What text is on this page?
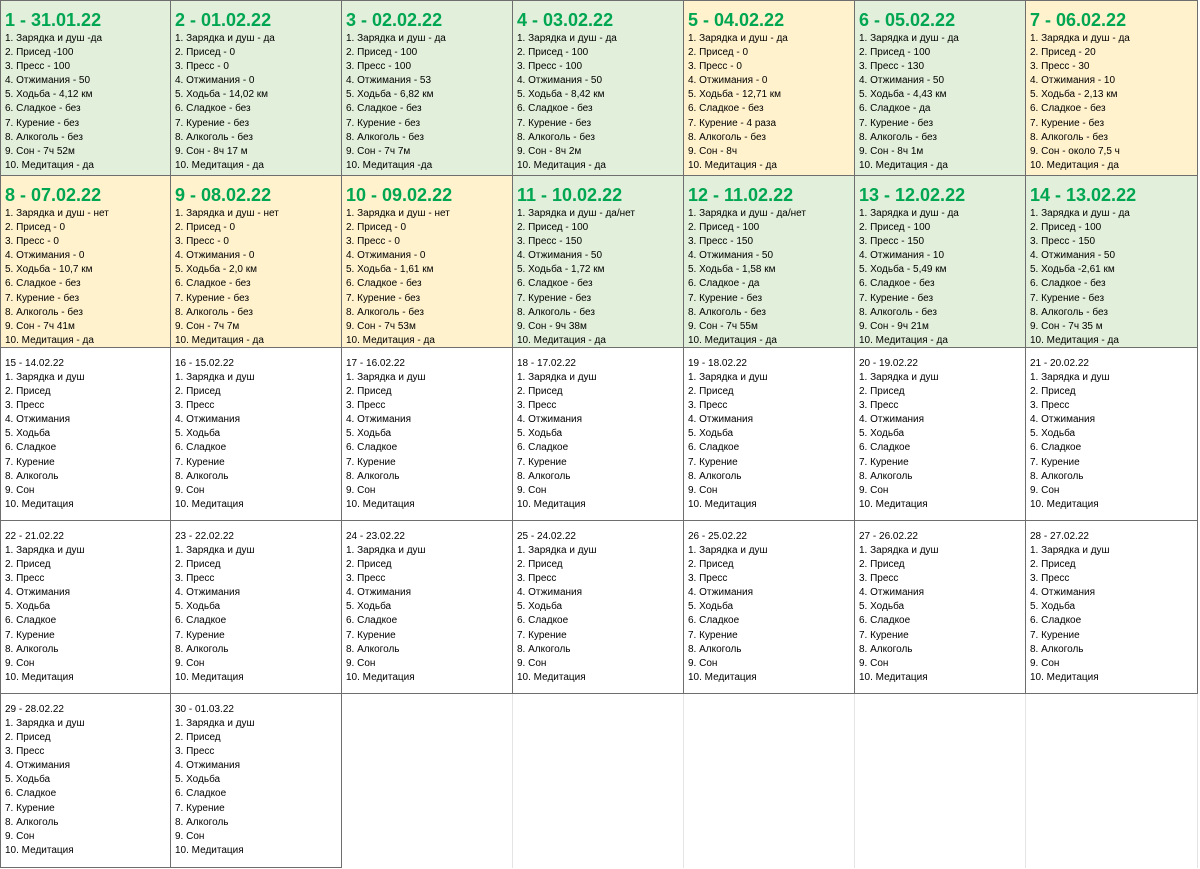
1 - 31.01.22
1. Зарядка и душ -да
2. Присед -100
3. Пресс - 100
4. Отжимания - 50
5. Ходьба - 4,12 км
6. Сладкое - без
7. Курение - без
8. Алкоголь - без
9. Сон - 7ч 52м
10. Медитация - да
2 - 01.02.22
1. Зарядка и душ - да
2. Присед - 0
3. Пресс - 0
4. Отжимания - 0
5. Ходьба - 14,02 км
6. Сладкое - без
7. Курение - без
8. Алкоголь - без
9. Сон - 8ч 17 м
10. Медитация - да
3 - 02.02.22
1. Зарядка и душ - да
2. Присед - 100
3. Пресс - 100
4. Отжимания - 53
5. Ходьба - 6,82 км
6. Сладкое - без
7. Курение - без
8. Алкоголь - без
9. Сон - 7ч 7м
10. Медитация -да
4 - 03.02.22
1. Зарядка и душ - да
2. Присед - 100
3. Пресс - 100
4. Отжимания - 50
5. Ходьба - 8,42 км
6. Сладкое - без
7. Курение - без
8. Алкоголь - без
9. Сон - 8ч 2м
10. Медитация - да
5 - 04.02.22
1. Зарядка и душ - да
2. Присед - 0
3. Пресс - 0
4. Отжимания - 0
5. Ходьба - 12,71 км
6. Сладкое - без
7. Курение - 4 раза
8. Алкоголь - без
9. Сон - 8ч
10. Медитация - да
6 - 05.02.22
1. Зарядка и душ - да
2. Присед - 100
3. Пресс - 130
4. Отжимания - 50
5. Ходьба - 4,43 км
6. Сладкое - да
7. Курение - без
8. Алкоголь - без
9. Сон - 8ч 1м
10. Медитация - да
7 - 06.02.22
1. Зарядка и душ - да
2. Присед - 20
3. Пресс - 30
4. Отжимания - 10
5. Ходьба - 2,13 км
6. Сладкое - без
7. Курение - без
8. Алкоголь - без
9. Сон - около 7,5 ч
10. Медитация - да
8 - 07.02.22
1. Зарядка и душ - нет
2. Присед - 0
3. Пресс - 0
4. Отжимания - 0
5. Ходьба - 10,7 км
6. Сладкое - без
7. Курение - без
8. Алкоголь - без
9. Сон - 7ч 41м
10. Медитация - да
9 - 08.02.22
1. Зарядка и душ - нет
2. Присед - 0
3. Пресс - 0
4. Отжимания - 0
5. Ходьба - 2,0 км
6. Сладкое - без
7. Курение - без
8. Алкоголь - без
9. Сон - 7ч 7м
10. Медитация - да
10 - 09.02.22
1. Зарядка и душ - нет
2. Присед - 0
3. Пресс - 0
4. Отжимания - 0
5. Ходьба - 1,61 км
6. Сладкое - без
7. Курение - без
8. Алкоголь - без
9. Сон - 7ч 53м
10. Медитация - да
11 - 10.02.22
1. Зарядка и душ - да/нет
2. Присед - 100
3. Пресс - 150
4. Отжимания - 50
5. Ходьба - 1,72 км
6. Сладкое - без
7. Курение - без
8. Алкоголь - без
9. Сон - 9ч 38м
10. Медитация - да
12 - 11.02.22
1. Зарядка и душ - да/нет
2. Присед - 100
3. Пресс - 150
4. Отжимания - 50
5. Ходьба - 1,58 км
6. Сладкое - да
7. Курение - без
8. Алкоголь - без
9. Сон - 7ч 55м
10. Медитация - да
13 - 12.02.22
1. Зарядка и душ - да
2. Присед - 100
3. Пресс - 150
4. Отжимания - 10
5. Ходьба - 5,49 км
6. Сладкое - без
7. Курение - без
8. Алкоголь - без
9. Сон - 9ч 21м
10. Медитация - да
14 - 13.02.22
1. Зарядка и душ - да
2. Присед - 100
3. Пресс - 150
4. Отжимания - 50
5. Ходьба -2,61 км
6. Сладкое - без
7. Курение - без
8. Алкоголь - без
9. Сон - 7ч 35 м
10. Медитация - да
15 - 14.02.22
1. Зарядка и душ
2. Присед
3. Пресс
4. Отжимания
5. Ходьба
6. Сладкое
7. Курение
8. Алкоголь
9. Сон
10. Медитация
16 - 15.02.22
1. Зарядка и душ
2. Присед
3. Пресс
4. Отжимания
5. Ходьба
6. Сладкое
7. Курение
8. Алкоголь
9. Сон
10. Медитация
17 - 16.02.22
1. Зарядка и душ
2. Присед
3. Пресс
4. Отжимания
5. Ходьба
6. Сладкое
7. Курение
8. Алкоголь
9. Сон
10. Медитация
18 - 17.02.22
1. Зарядка и душ
2. Присед
3. Пресс
4. Отжимания
5. Ходьба
6. Сладкое
7. Курение
8. Алкоголь
9. Сон
10. Медитация
19 - 18.02.22
1. Зарядка и душ
2. Присед
3. Пресс
4. Отжимания
5. Ходьба
6. Сладкое
7. Курение
8. Алкоголь
9. Сон
10. Медитация
20 - 19.02.22
1. Зарядка и душ
2. Присед
3. Пресс
4. Отжимания
5. Ходьба
6. Сладкое
7. Курение
8. Алкоголь
9. Сон
10. Медитация
21 - 20.02.22
1. Зарядка и душ
2. Присед
3. Пресс
4. Отжимания
5. Ходьба
6. Сладкое
7. Курение
8. Алкоголь
9. Сон
10. Медитация
22 - 21.02.22
1. Зарядка и душ
2. Присед
3. Пресс
4. Отжимания
5. Ходьба
6. Сладкое
7. Курение
8. Алкоголь
9. Сон
10. Медитация
23 - 22.02.22
1. Зарядка и душ
2. Присед
3. Пресс
4. Отжимания
5. Ходьба
6. Сладкое
7. Курение
8. Алкоголь
9. Сон
10. Медитация
24 - 23.02.22
1. Зарядка и душ
2. Присед
3. Пресс
4. Отжимания
5. Ходьба
6. Сладкое
7. Курение
8. Алкоголь
9. Сон
10. Медитация
25 - 24.02.22
1. Зарядка и душ
2. Присед
3. Пресс
4. Отжимания
5. Ходьба
6. Сладкое
7. Курение
8. Алкоголь
9. Сон
10. Медитация
26 - 25.02.22
1. Зарядка и душ
2. Присед
3. Пресс
4. Отжимания
5. Ходьба
6. Сладкое
7. Курение
8. Алкоголь
9. Сон
10. Медитация
27 - 26.02.22
1. Зарядка и душ
2. Присед
3. Пресс
4. Отжимания
5. Ходьба
6. Сладкое
7. Курение
8. Алкоголь
9. Сон
10. Медитация
28 - 27.02.22
1. Зарядка и душ
2. Присед
3. Пресс
4. Отжимания
5. Ходьба
6. Сладкое
7. Курение
8. Алкоголь
9. Сон
10. Медитация
29 - 28.02.22
1. Зарядка и душ
2. Присед
3. Пресс
4. Отжимания
5. Ходьба
6. Сладкое
7. Курение
8. Алкоголь
9. Сон
10. Медитация
30 - 01.03.22
1. Зарядка и душ
2. Присед
3. Пресс
4. Отжимания
5. Ходьба
6. Сладкое
7. Курение
8. Алкоголь
9. Сон
10. Медитация
